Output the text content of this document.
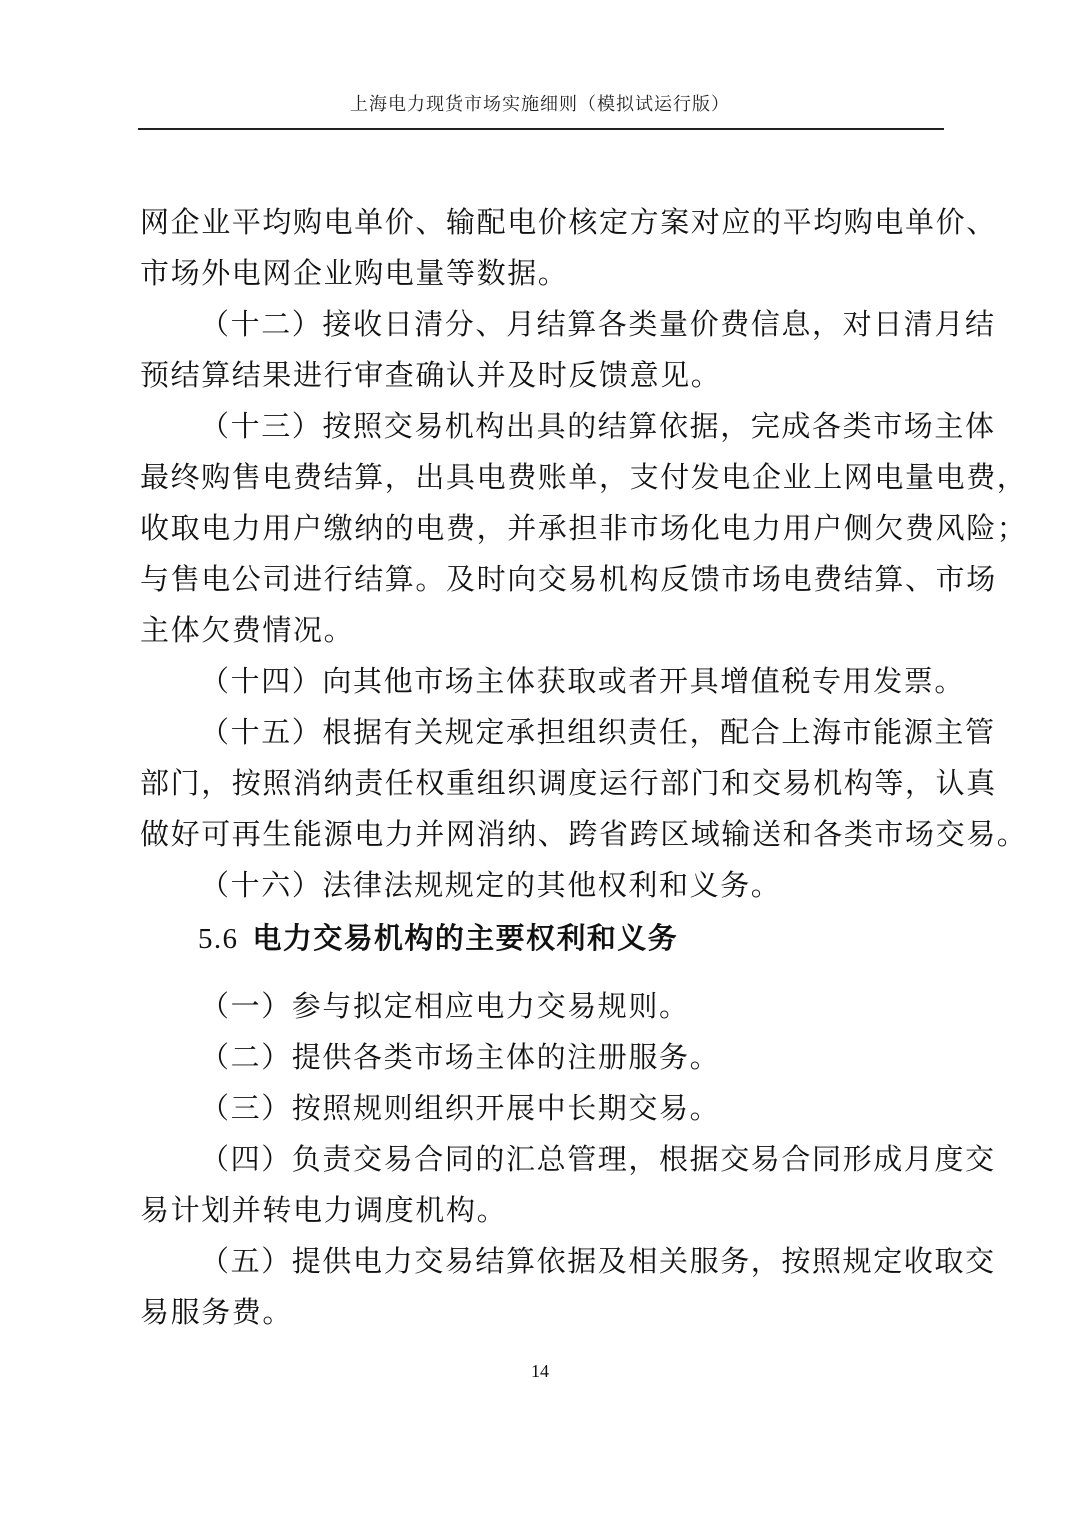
上海电力现货市场实施细则（模拟试运行版）
网企业平均购电单价、输配电价核定方案对应的平均购电单价、
市场外电网企业购电量等数据。
（十二）接收日清分、月结算各类量价费信息，对日清月结
预结算结果进行审查确认并及时反馈意见。
（十三）按照交易机构出具的结算依据，完成各类市场主体
最终购售电费结算，出具电费账单，支付发电企业上网电量电费，
收取电力用户缴纳的电费，并承担非市场化电力用户侧欠费风险；
与售电公司进行结算。及时向交易机构反馈市场电费结算、市场
主体欠费情况。
（十四）向其他市场主体获取或者开具增值税专用发票。
（十五）根据有关规定承担组织责任，配合上海市能源主管
部门，按照消纳责任权重组织调度运行部门和交易机构等，认真
做好可再生能源电力并网消纳、跨省跨区域输送和各类市场交易。
（十六）法律法规规定的其他权利和义务。
5.6 电力交易机构的主要权利和义务
（一）参与拟定相应电力交易规则。
（二）提供各类市场主体的注册服务。
（三）按照规则组织开展中长期交易。
（四）负责交易合同的汇总管理，根据交易合同形成月度交
易计划并转电力调度机构。
（五）提供电力交易结算依据及相关服务，按照规定收取交
易服务费。
14
